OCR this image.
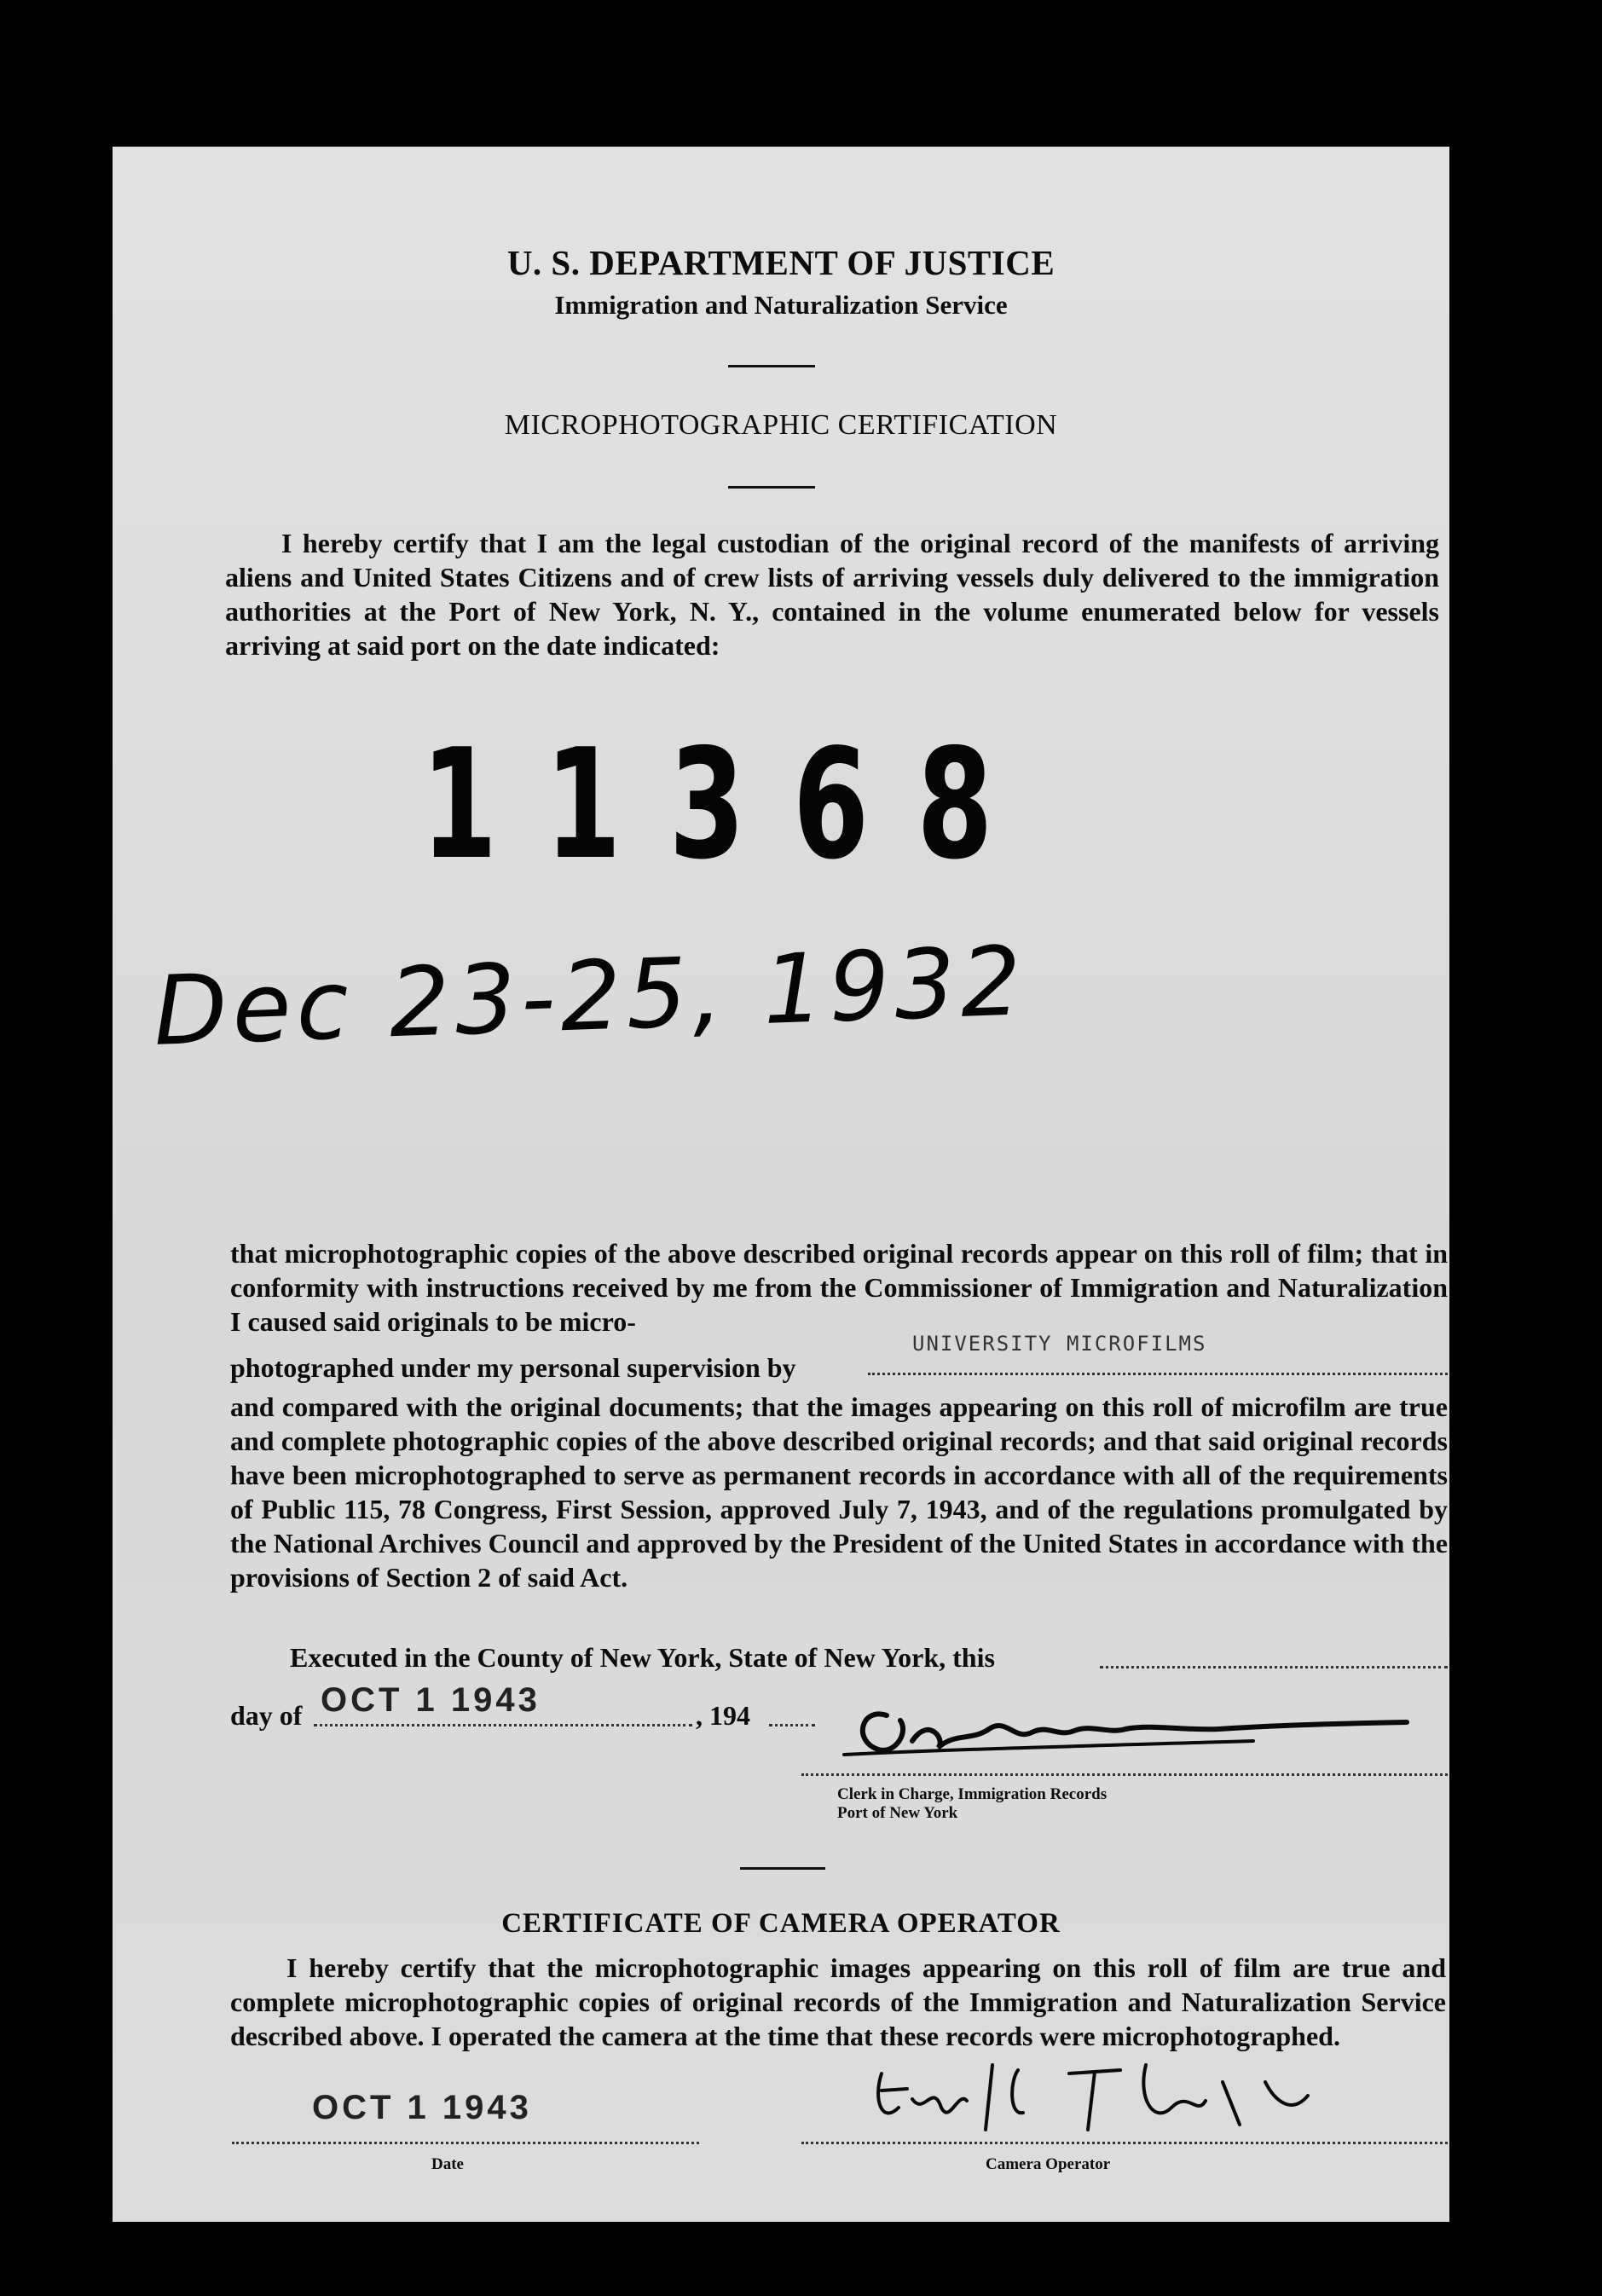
U. S. DEPARTMENT OF JUSTICE
Immigration and Naturalization Service
MICROPHOTOGRAPHIC CERTIFICATION

I hereby certify that I am the legal custodian of the original record of the manifests of arriving aliens and United States Citizens and of crew lists of arriving vessels duly delivered to the immigration authorities at the Port of New York, N. Y., contained in the volume enumerated below for vessels arriving at said port on the date indicated:

11368
Dec 23-25, 1932

that microphotographic copies of the above described original records appear on this roll of film; that in conformity with instructions received by me from the Commissioner of Immigration and Naturalization I caused said originals to be micro-

UNIVERSITY MICROFILMS
photographed under my personal supervision by

and compared with the original documents; that the images appearing on this roll of microfilm are true and complete photographic copies of the above described original records; and that said original records have been microphotographed to serve as permanent records in accordance with all of the requirements of Public 115, 78 Congress, First Session, approved July 7, 1943, and of the regulations promulgated by the National Archives Council and approved by the President of the United States in accordance with the provisions of Section 2 of said Act.

Executed in the County of New York, State of New York, this
day of OCT 1 1943	, 194
Clerk in Charge, Immigration Records
Port of New York
CERTIFICATE OF CAMERA OPERATOR

I hereby certify that the microphotographic images appearing on this roll of film are true and complete microphotographic copies of original records of the Immigration and Naturalization Service described above. I operated the camera at the time that these records were microphotographed.

OCT 1 1943
Date	Camera Operator
